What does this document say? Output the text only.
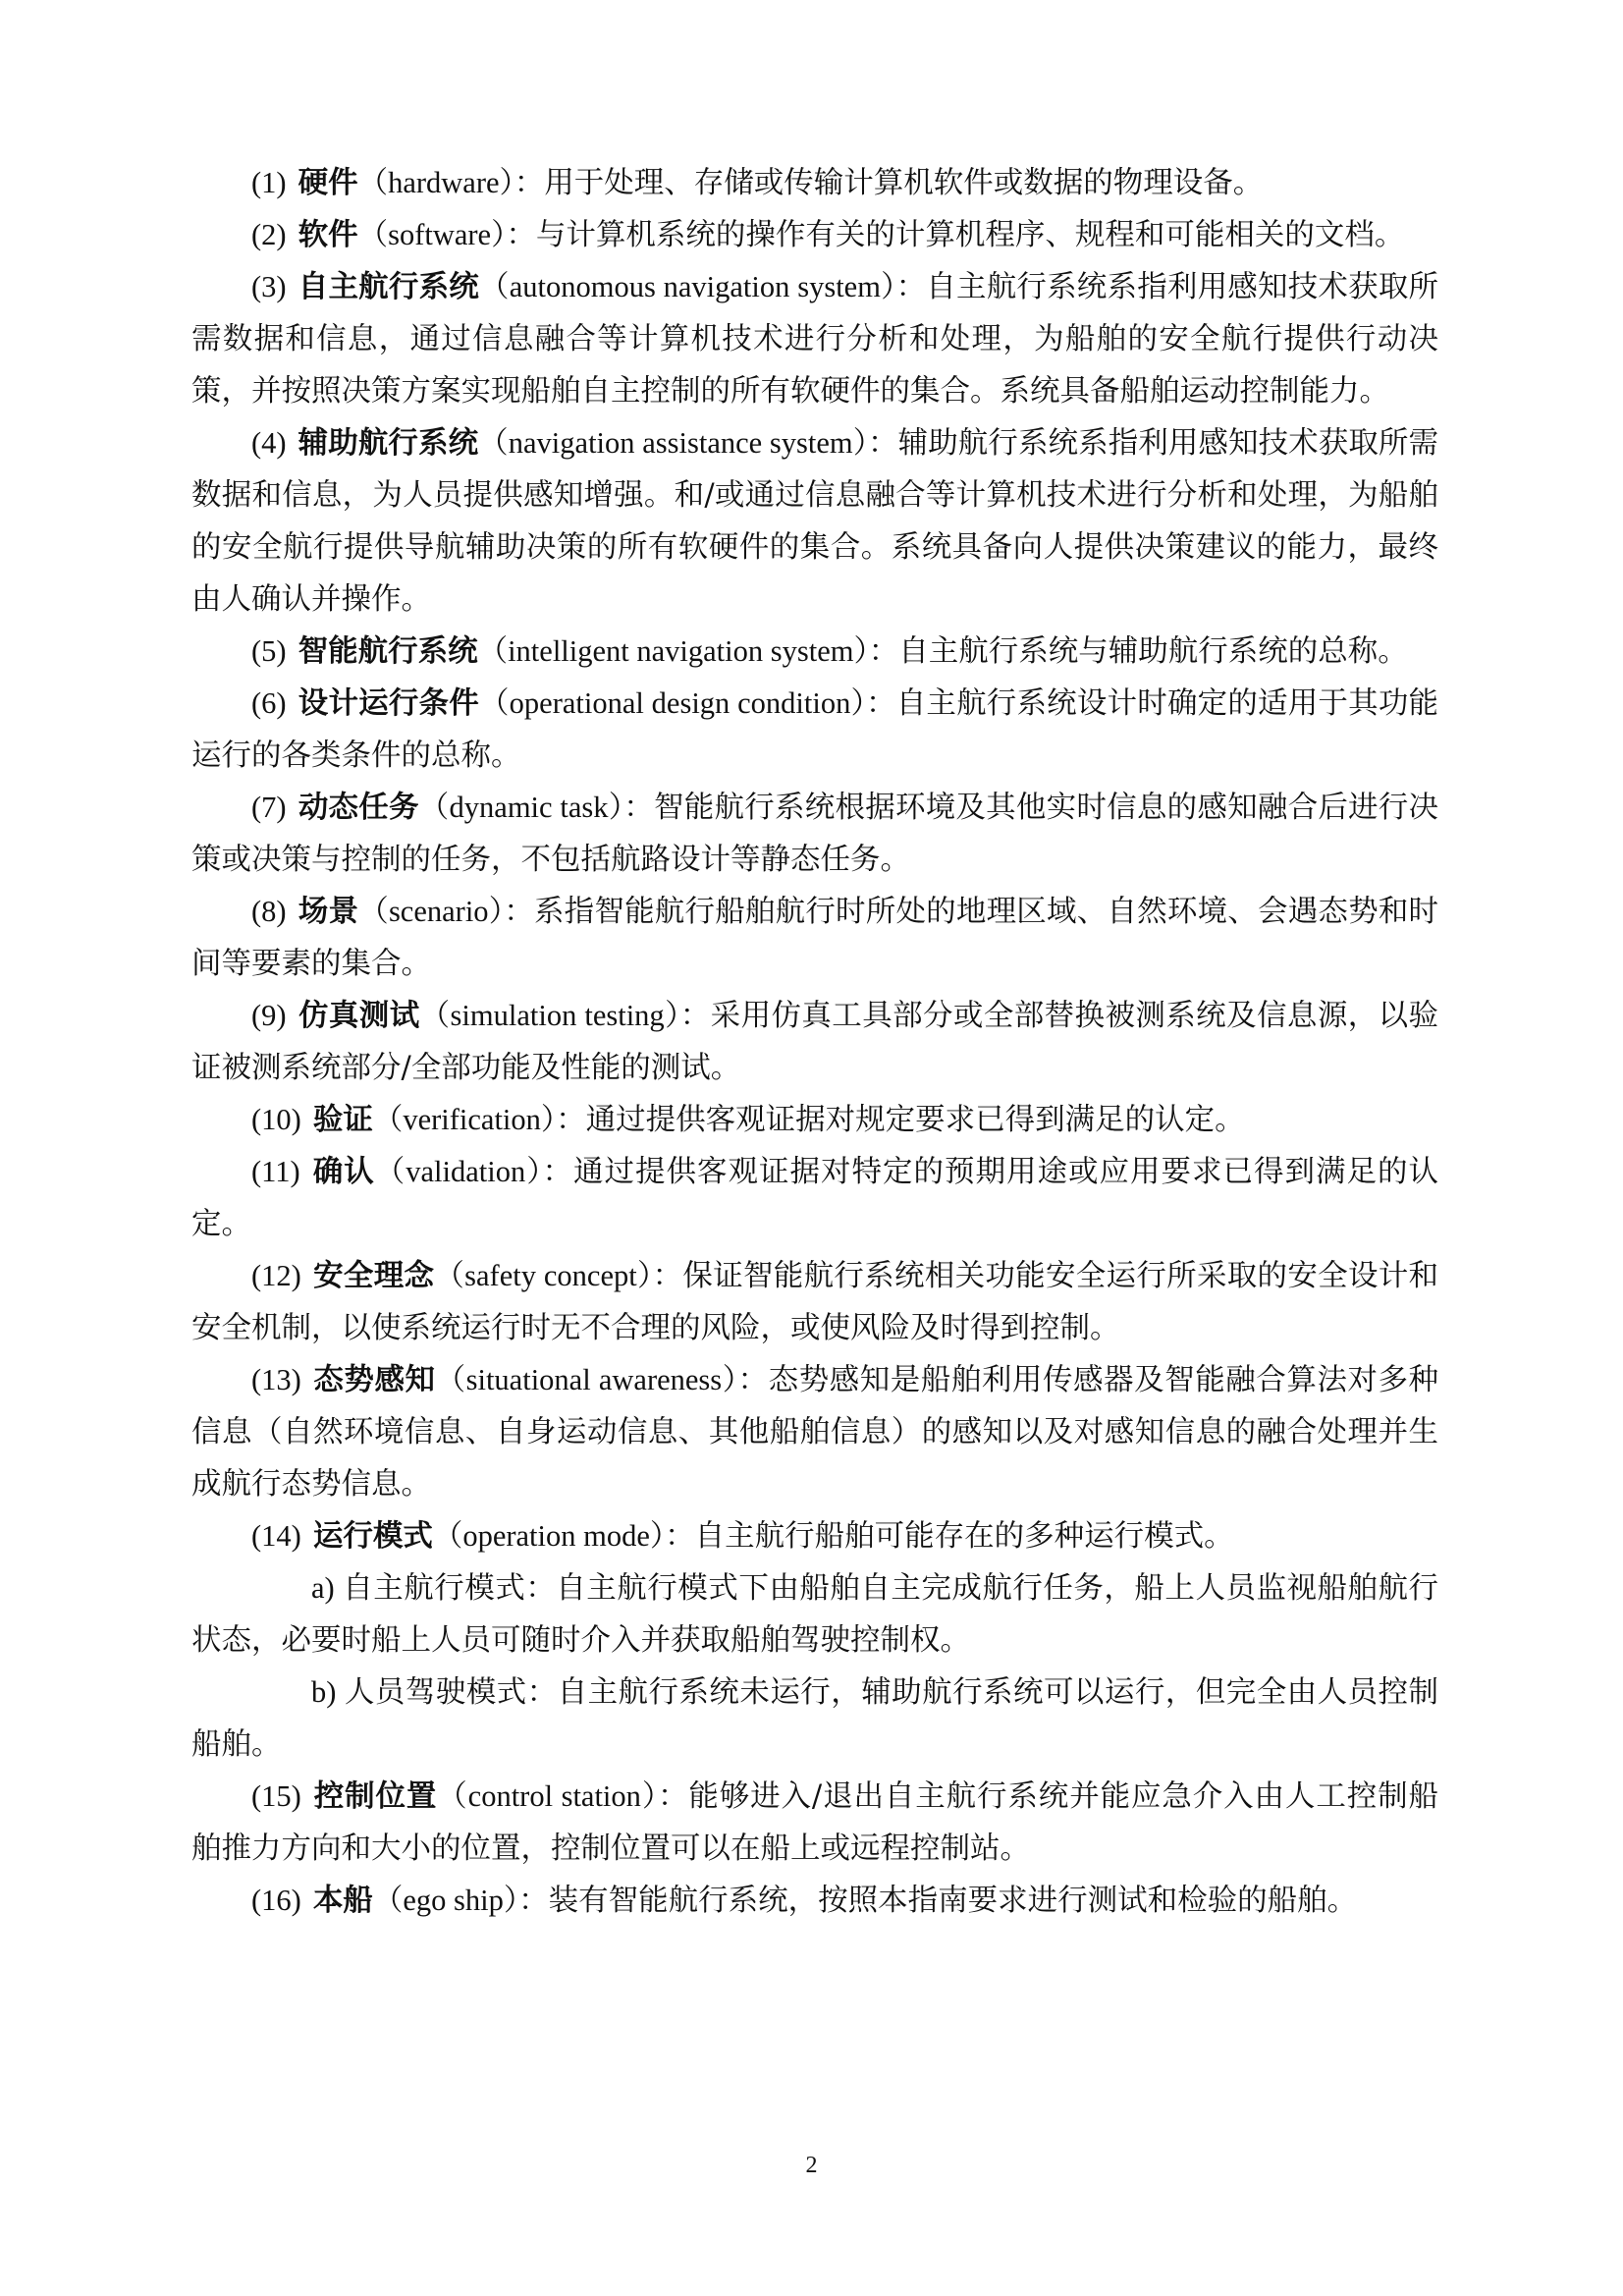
(1) 硬件（hardware）：用于处理、存储或传输计算机软件或数据的物理设备。

(2) 软件（software）：与计算机系统的操作有关的计算机程序、规程和可能相关的文档。

(3) 自主航行系统（autonomous navigation system）：自主航行系统系指利用感知技术获取所需数据和信息，通过信息融合等计算机技术进行分析和处理，为船舶的安全航行提供行动决策，并按照决策方案实现船舶自主控制的所有软硬件的集合。系统具备船舶运动控制能力。

(4) 辅助航行系统（navigation assistance system）：辅助航行系统系指利用感知技术获取所需数据和信息，为人员提供感知增强。和/或通过信息融合等计算机技术进行分析和处理，为船舶的安全航行提供导航辅助决策的所有软硬件的集合。系统具备向人提供决策建议的能力，最终由人确认并操作。

(5) 智能航行系统（intelligent navigation system）：自主航行系统与辅助航行系统的总称。

(6) 设计运行条件（operational design condition）：自主航行系统设计时确定的适用于其功能运行的各类条件的总称。

(7) 动态任务（dynamic task）：智能航行系统根据环境及其他实时信息的感知融合后进行决策或决策与控制的任务，不包括航路设计等静态任务。

(8) 场景（scenario）：系指智能航行船舶航行时所处的地理区域、自然环境、会遇态势和时间等要素的集合。

(9) 仿真测试（simulation testing）：采用仿真工具部分或全部替换被测系统及信息源，以验证被测系统部分/全部功能及性能的测试。

(10) 验证（verification）：通过提供客观证据对规定要求已得到满足的认定。

(11) 确认（validation）：通过提供客观证据对特定的预期用途或应用要求已得到满足的认定。

(12) 安全理念（safety concept）：保证智能航行系统相关功能安全运行所采取的安全设计和安全机制，以使系统运行时无不合理的风险，或使风险及时得到控制。

(13) 态势感知（situational awareness）：态势感知是船舶利用传感器及智能融合算法对多种信息（自然环境信息、自身运动信息、其他船舶信息）的感知以及对感知信息的融合处理并生成航行态势信息。

(14) 运行模式（operation mode）：自主航行船舶可能存在的多种运行模式。

a) 自主航行模式：自主航行模式下由船舶自主完成航行任务，船上人员监视船舶航行状态，必要时船上人员可随时介入并获取船舶驾驶控制权。

b) 人员驾驶模式：自主航行系统未运行，辅助航行系统可以运行，但完全由人员控制船舶。

(15) 控制位置（control station）：能够进入/退出自主航行系统并能应急介入由人工控制船舶推力方向和大小的位置，控制位置可以在船上或远程控制站。

(16) 本船（ego ship）：装有智能航行系统，按照本指南要求进行测试和检验的船舶。

2
